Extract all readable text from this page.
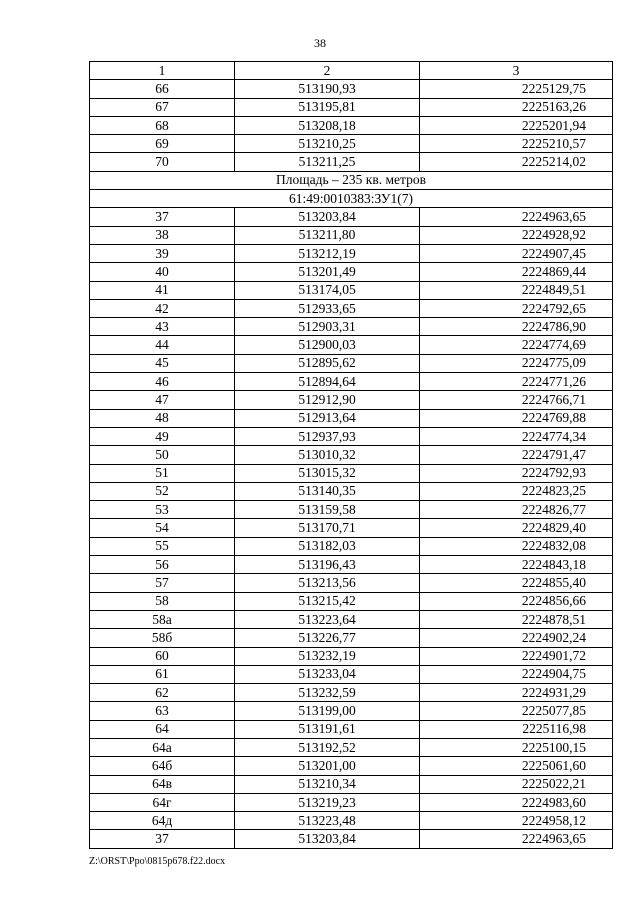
38
1	2	3
66	513190,93	2225129,75
67	513195,81	2225163,26
68	513208,18	2225201,94
69	513210,25	2225210,57
70	513211,25	2225214,02
Площадь – 235 кв. метров		
61:49:0010383:ЗУ1(7)		
37	513203,84	2224963,65
38	513211,80	2224928,92
39	513212,19	2224907,45
40	513201,49	2224869,44
41	513174,05	2224849,51
42	512933,65	2224792,65
43	512903,31	2224786,90
44	512900,03	2224774,69
45	512895,62	2224775,09
46	512894,64	2224771,26
47	512912,90	2224766,71
48	512913,64	2224769,88
49	512937,93	2224774,34
50	513010,32	2224791,47
51	513015,32	2224792,93
52	513140,35	2224823,25
53	513159,58	2224826,77
54	513170,71	2224829,40
55	513182,03	2224832,08
56	513196,43	2224843,18
57	513213,56	2224855,40
58	513215,42	2224856,66
58а	513223,64	2224878,51
58б	513226,77	2224902,24
60	513232,19	2224901,72
61	513233,04	2224904,75
62	513232,59	2224931,29
63	513199,00	2225077,85
64	513191,61	2225116,98
64а	513192,52	2225100,15
64б	513201,00	2225061,60
64в	513210,34	2225022,21
64г	513219,23	2224983,60
64д	513223,48	2224958,12
37	513203,84	2224963,65
Z:\ORST\Ppo\0815p678.f22.docx
